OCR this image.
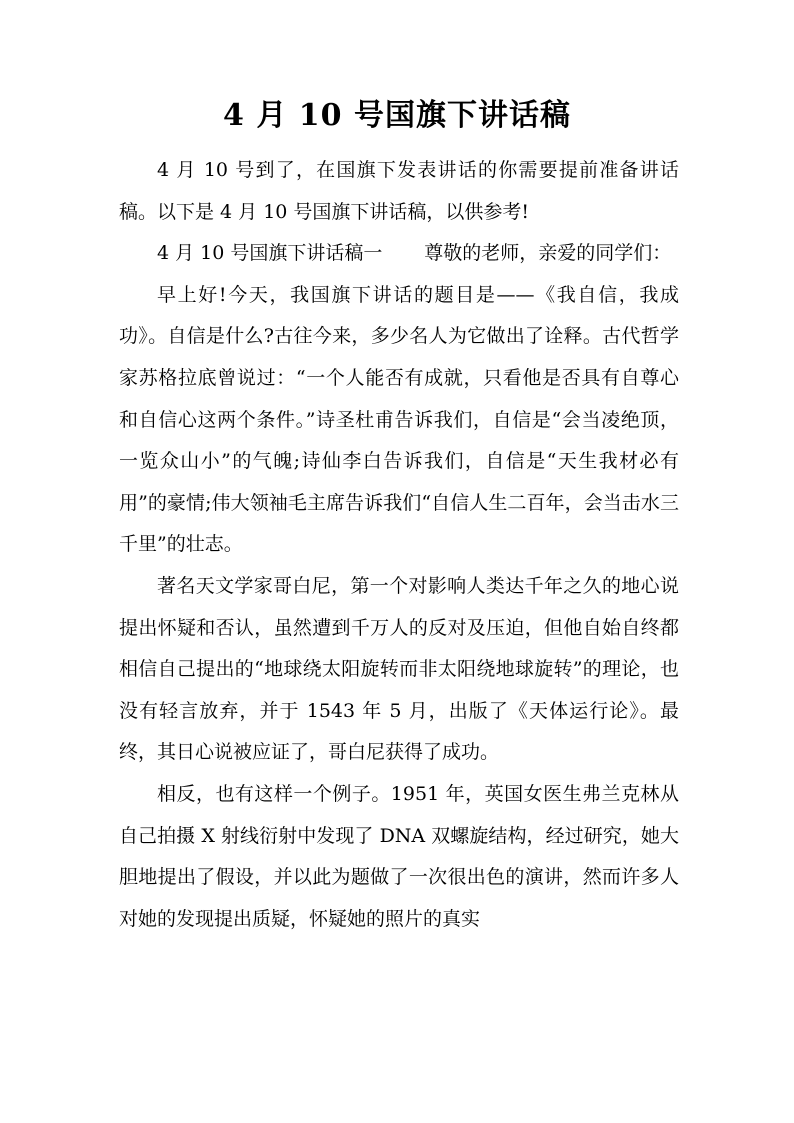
4 月 10 号国旗下讲话稿

4 月 10 号到了，在国旗下发表讲话的你需要提前准备讲话稿。以下是 4 月 10 号国旗下讲话稿，以供参考!

4 月 10 号国旗下讲话稿一 尊敬的老师，亲爱的同学们：

早上好!今天，我国旗下讲话的题目是——《我自信，我成功》。自信是什么?古往今来，多少名人为它做出了诠释。古代哲学家苏格拉底曾说过：“一个人能否有成就，只看他是否具有自尊心和自信心这两个条件。”诗圣杜甫告诉我们，自信是“会当凌绝顶，一览众山小”的气魄;诗仙李白告诉我们，自信是“天生我材必有用”的豪情;伟大领袖毛主席告诉我们“自信人生二百年，会当击水三千里”的壮志。

著名天文学家哥白尼，第一个对影响人类达千年之久的地心说提出怀疑和否认，虽然遭到千万人的反对及压迫，但他自始自终都相信自己提出的“地球绕太阳旋转而非太阳绕地球旋转”的理论，也没有轻言放弃，并于 1543 年 5 月，出版了《天体运行论》。最终，其日心说被应证了，哥白尼获得了成功。

相反，也有这样一个例子。1951 年，英国女医生弗兰克林从自己拍摄 X 射线衍射中发现了 DNA 双螺旋结构，经过研究，她大胆地提出了假设，并以此为题做了一次很出色的演讲，然而许多人对她的发现提出质疑，怀疑她的照片的真实
